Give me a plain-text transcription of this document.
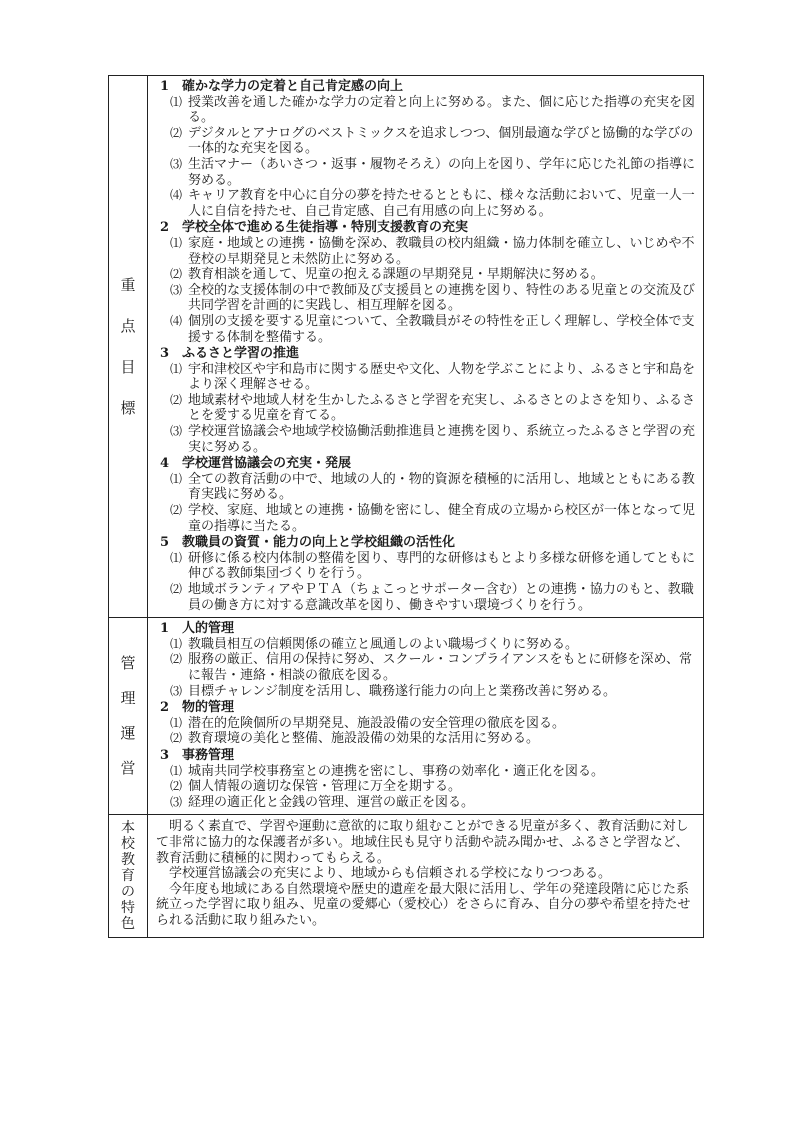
重
点
目
標
1 確かな学力の定着と自己肯定感の向上
⑴ 授業改善を通した確かな学力の定着と向上に努める。また、個に応じた指導の充実を図る。
⑵ デジタルとアナログのベストミックスを追求しつつ、個別最適な学びと協働的な学びの一体的な充実を図る。
⑶ 生活マナー（あいさつ・返事・履物そろえ）の向上を図り、学年に応じた礼節の指導に努める。
⑷ キャリア教育を中心に自分の夢を持たせるとともに、様々な活動において、児童一人一人に自信を持たせ、自己肯定感、自己有用感の向上に努める。
2 学校全体で進める生徒指導・特別支援教育の充実
⑴ 家庭・地域との連携・協働を深め、教職員の校内組織・協力体制を確立し、いじめや不登校の早期発見と未然防止に努める。
⑵ 教育相談を通して、児童の抱える課題の早期発見・早期解決に努める。
⑶ 全校的な支援体制の中で教師及び支援員との連携を図り、特性のある児童との交流及び共同学習を計画的に実践し、相互理解を図る。
⑷ 個別の支援を要する児童について、全教職員がその特性を正しく理解し、学校全体で支援する体制を整備する。
3 ふるさと学習の推進
⑴ 宇和津校区や宇和島市に関する歴史や文化、人物を学ぶことにより、ふるさと宇和島をより深く理解させる。
⑵ 地域素材や地域人材を生かしたふるさと学習を充実し、ふるさとのよさを知り、ふるさとを愛する児童を育てる。
⑶ 学校運営協議会や地域学校協働活動推進員と連携を図り、系統立ったふるさと学習の充実に努める。
4 学校運営協議会の充実・発展
⑴ 全ての教育活動の中で、地域の人的・物的資源を積極的に活用し、地域とともにある教育実践に努める。
⑵ 学校、家庭、地域との連携・協働を密にし、健全育成の立場から校区が一体となって児童の指導に当たる。
5 教職員の資質・能力の向上と学校組織の活性化
⑴ 研修に係る校内体制の整備を図り、専門的な研修はもとより多様な研修を通してともに伸びる教師集団づくりを行う。
⑵ 地域ボランティアやＰＴＡ（ちょこっとサポーター含む）との連携・協力のもと、教職員の働き方に対する意識改革を図り、働きやすい環境づくりを行う。
管
理
運
営
1 人的管理
⑴ 教職員相互の信頼関係の確立と風通しのよい職場づくりに努める。
⑵ 服務の厳正、信用の保持に努め、スクール・コンプライアンスをもとに研修を深め、常に報告・連絡・相談の徹底を図る。
⑶ 目標チャレンジ制度を活用し、職務遂行能力の向上と業務改善に努める。
2 物的管理
⑴ 潜在的危険個所の早期発見、施設設備の安全管理の徹底を図る。
⑵ 教育環境の美化と整備、施設設備の効果的な活用に努める。
3 事務管理
⑴ 城南共同学校事務室との連携を密にし、事務の効率化・適正化を図る。
⑵ 個人情報の適切な保管・管理に万全を期する。
⑶ 経理の適正化と金銭の管理、運営の厳正を図る。
本
校
教
育
の
特
色
明るく素直で、学習や運動に意欲的に取り組むことができる児童が多く、教育活動に対して非常に協力的な保護者が多い。地域住民も見守り活動や読み聞かせ、ふるさと学習など、教育活動に積極的に関わってもらえる。
学校運営協議会の充実により、地域からも信頼される学校になりつつある。
今年度も地域にある自然環境や歴史的遺産を最大限に活用し、学年の発達段階に応じた系統立った学習に取り組み、児童の愛郷心（愛校心）をさらに育み、自分の夢や希望を持たせられる活動に取り組みたい。
